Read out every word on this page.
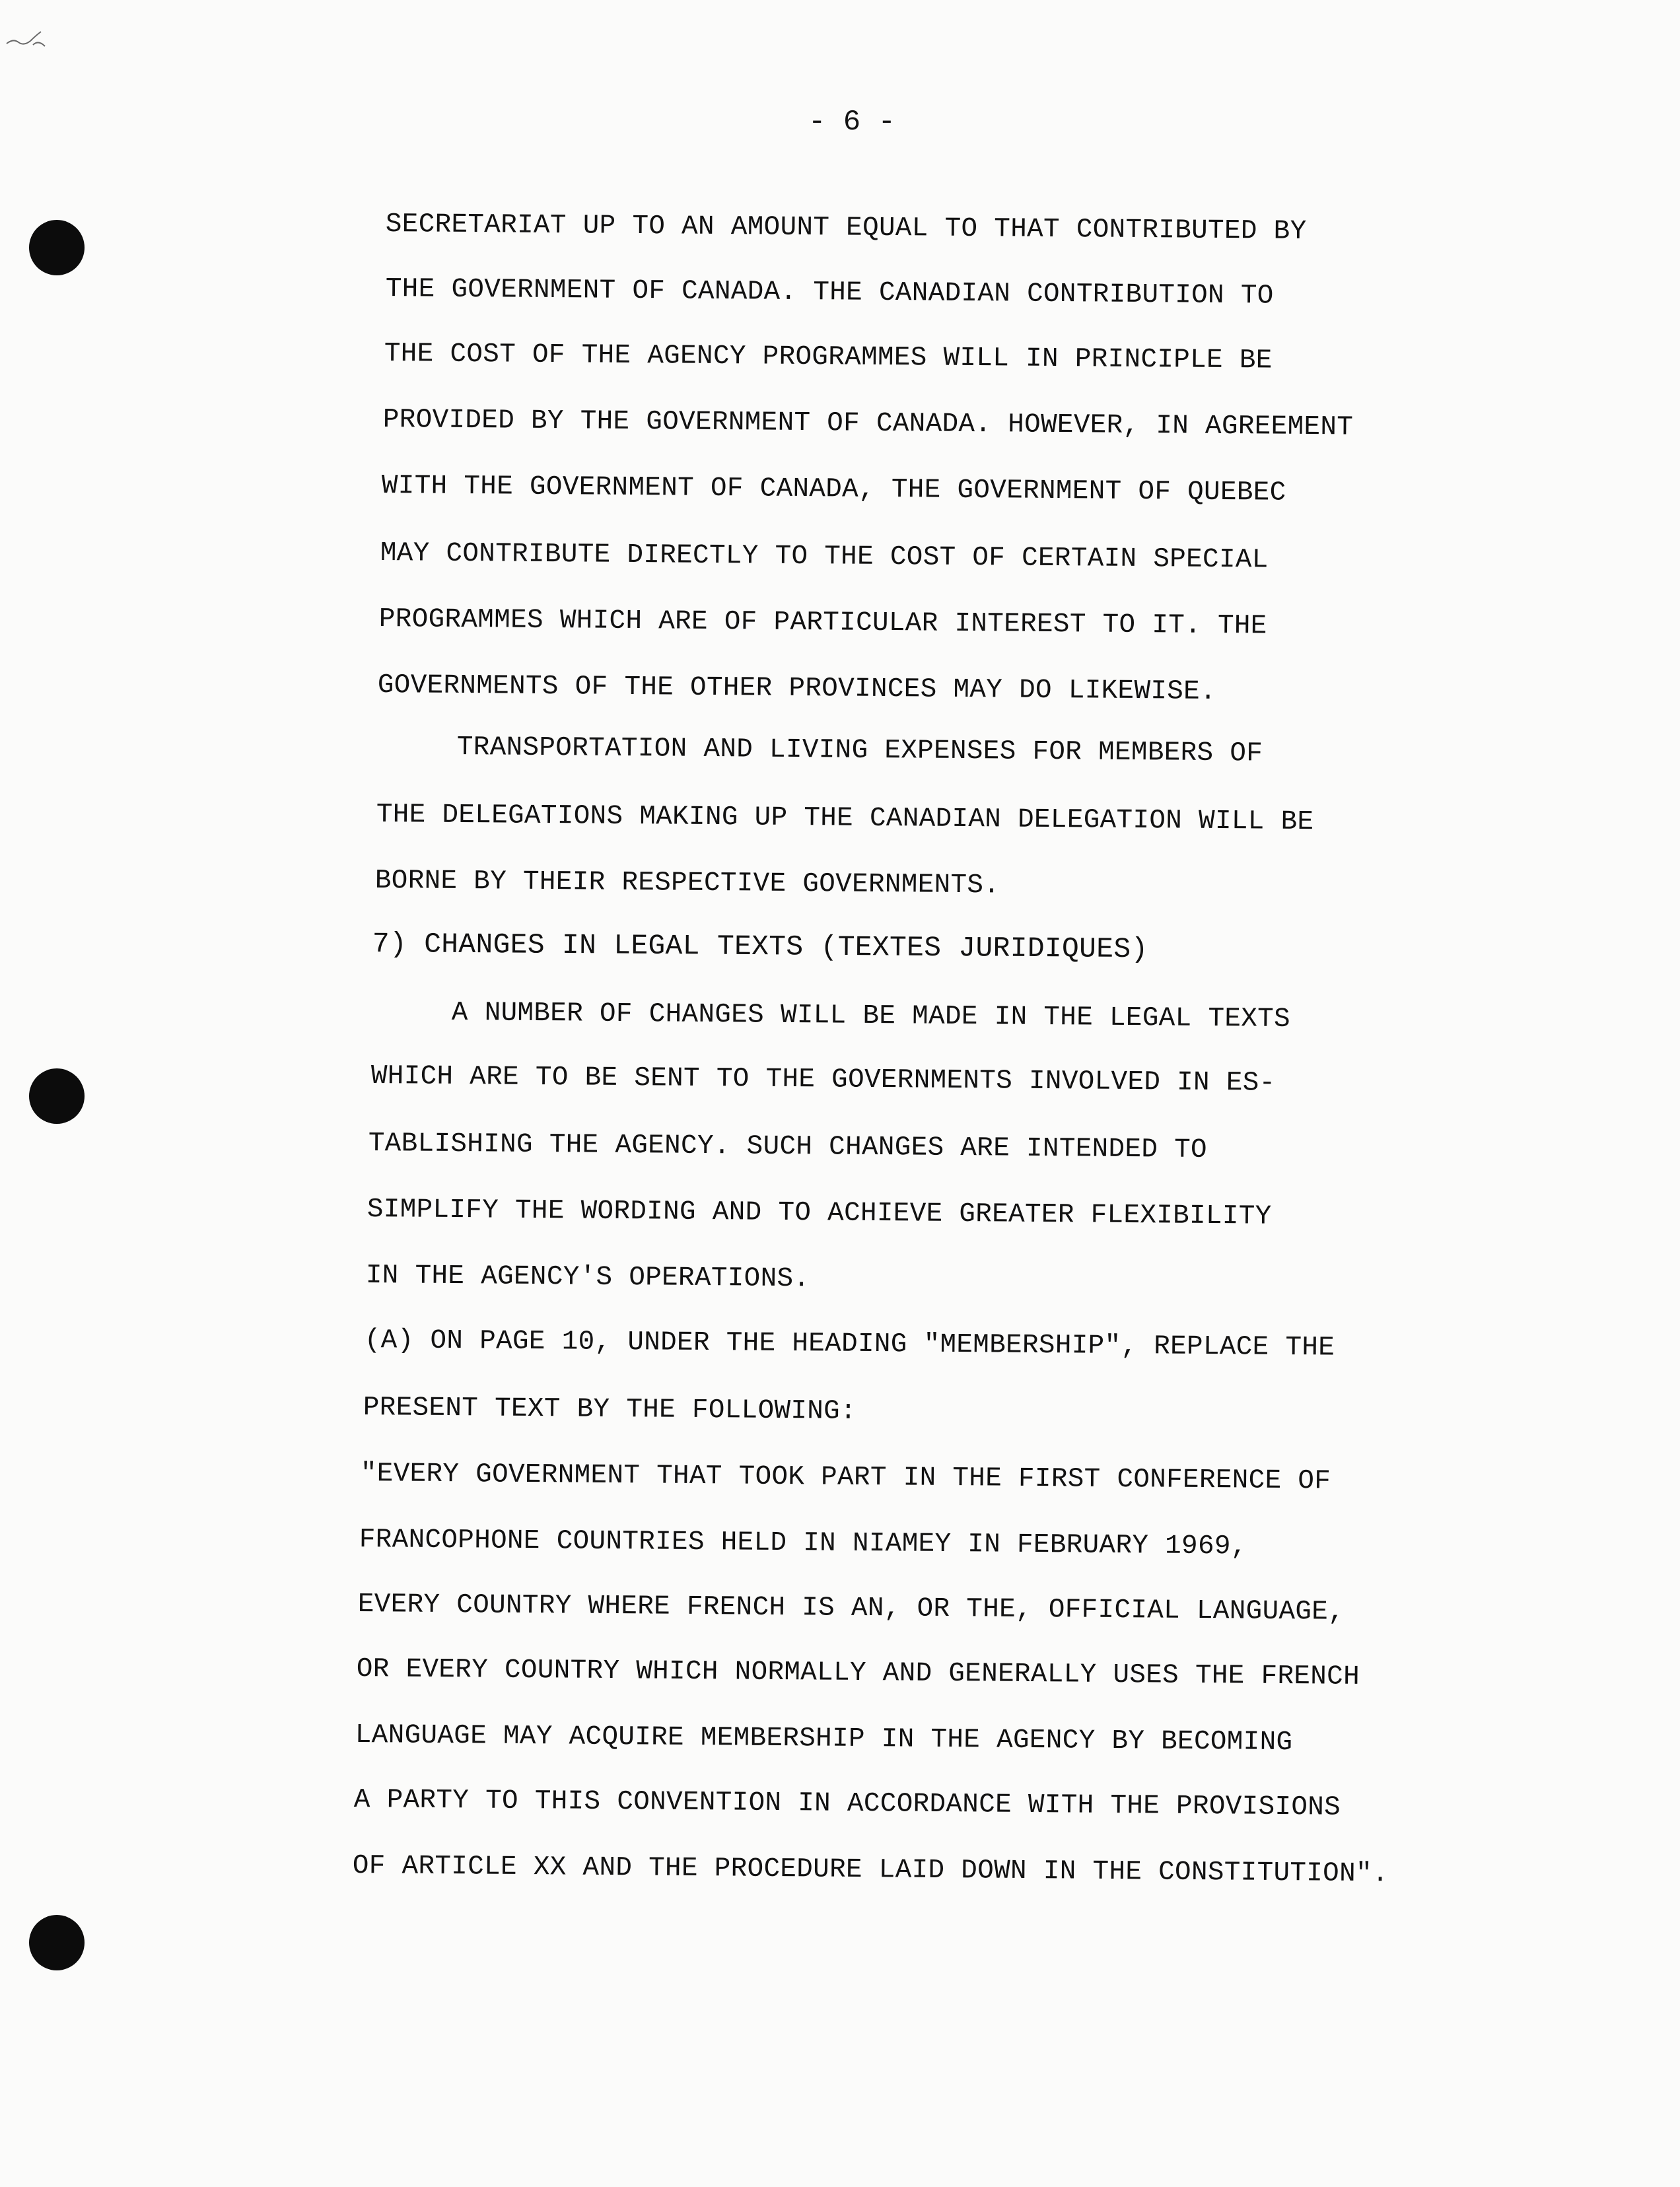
- 6 -

SECRETARIAT UP TO AN AMOUNT EQUAL TO THAT CONTRIBUTED BY

THE GOVERNMENT OF CANADA. THE CANADIAN CONTRIBUTION TO

THE COST OF THE AGENCY PROGRAMMES WILL IN PRINCIPLE BE

PROVIDED BY THE GOVERNMENT OF CANADA. HOWEVER, IN AGREEMENT

WITH THE GOVERNMENT OF CANADA, THE GOVERNMENT OF QUEBEC

MAY CONTRIBUTE DIRECTLY TO THE COST OF CERTAIN SPECIAL

PROGRAMMES WHICH ARE OF PARTICULAR INTEREST TO IT. THE

GOVERNMENTS OF THE OTHER PROVINCES MAY DO LIKEWISE.

TRANSPORTATION AND LIVING EXPENSES FOR MEMBERS OF

THE DELEGATIONS MAKING UP THE CANADIAN DELEGATION WILL BE

BORNE BY THEIR RESPECTIVE GOVERNMENTS.

7) CHANGES IN LEGAL TEXTS (TEXTES JURIDIQUES)

A NUMBER OF CHANGES WILL BE MADE IN THE LEGAL TEXTS

WHICH ARE TO BE SENT TO THE GOVERNMENTS INVOLVED IN ES-

TABLISHING THE AGENCY. SUCH CHANGES ARE INTENDED TO

SIMPLIFY THE WORDING AND TO ACHIEVE GREATER FLEXIBILITY

IN THE AGENCY'S OPERATIONS.

(A) ON PAGE 10, UNDER THE HEADING "MEMBERSHIP", REPLACE THE

PRESENT TEXT BY THE FOLLOWING:

"EVERY GOVERNMENT THAT TOOK PART IN THE FIRST CONFERENCE OF

FRANCOPHONE COUNTRIES HELD IN NIAMEY IN FEBRUARY 1969,

EVERY COUNTRY WHERE FRENCH IS AN, OR THE, OFFICIAL LANGUAGE,

OR EVERY COUNTRY WHICH NORMALLY AND GENERALLY USES THE FRENCH

LANGUAGE MAY ACQUIRE MEMBERSHIP IN THE AGENCY BY BECOMING

A PARTY TO THIS CONVENTION IN ACCORDANCE WITH THE PROVISIONS

OF ARTICLE XX AND THE PROCEDURE LAID DOWN IN THE CONSTITUTION".
